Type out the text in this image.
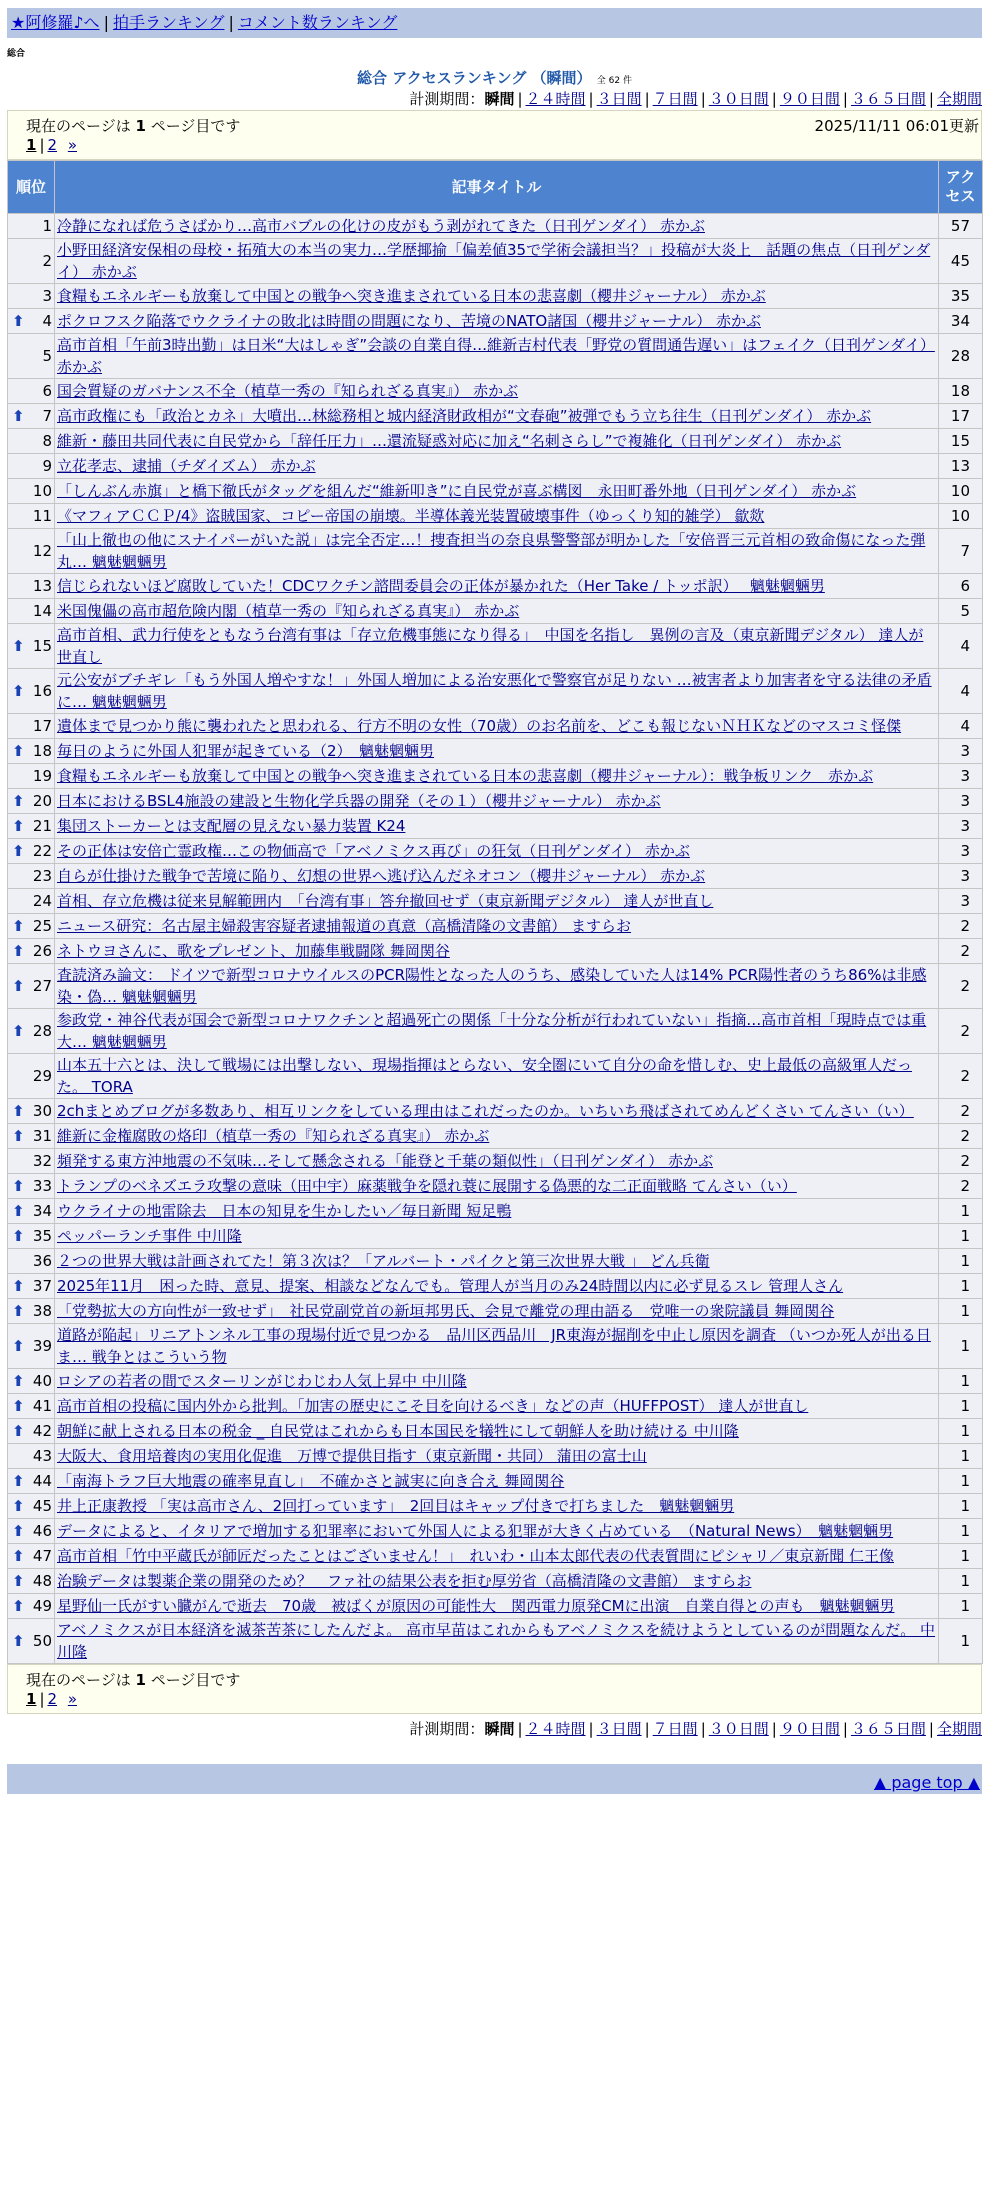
★阿修羅♪へ | 拍手ランキング | コメント数ランキング
総合
総合 アクセスランキング （瞬間） 全 62 件
計測期間：瞬間 | ２４時間 | ３日間 | ７日間 | ３０日間 | ９０日間 | ３６５日間 | 全期間
現在のページは 1 ページ目です	2025/11/11 06:01更新
1 | 2 »
順位	記事タイトル	アクセス
1	冷静になれば危うさばかり…高市バブルの化けの皮がもう剥がれてきた（日刊ゲンダイ） 赤かぶ	57
2	小野田経済安保相の母校・拓殖大の本当の実力…学歴揶揄「偏差値35で学術会議担当？」投稿が大炎上　話題の焦点（日刊ゲンダイ） 赤かぶ	45
3	食糧もエネルギーも放棄して中国との戦争へ突き進まされている日本の悲喜劇（櫻井ジャーナル） 赤かぶ	35

⬆ 4	ポクロフスク陥落でウクライナの敗北は時間の問題になり、苦境のNATO諸国（櫻井ジャーナル） 赤かぶ	34
5	高市首相「午前3時出勤」は日米“大はしゃぎ”会談の自業自得…維新吉村代表「野党の質問通告遅い」はフェイク（日刊ゲンダイ） 赤かぶ	28
6	国会質疑のガバナンス不全（植草一秀の『知られざる真実』） 赤かぶ	18

⬆ 7	高市政権にも「政治とカネ」大噴出…林総務相と城内経済財政相が“文春砲”被弾でもう立ち往生（日刊ゲンダイ） 赤かぶ	17
8	維新・藤田共同代表に自民党から「辞任圧力」…還流疑惑対応に加え“名刺さらし”で複雑化（日刊ゲンダイ） 赤かぶ	15
9	立花孝志、逮捕（チダイズム） 赤かぶ	13
10	「しんぶん赤旗」と橋下徹氏がタッグを組んだ“維新叩き”に自民党が喜ぶ構図　永田町番外地（日刊ゲンダイ） 赤かぶ	10
11	《マフィアＣＣＰ/4》盗賊国家、コピー帝国の崩壊。半導体義光装置破壊事件（ゆっくり知的雑学） 歙欻	10
12	「山上徹也の他にスナイパーがいた説」は完全否定…！捜査担当の奈良県警警部が明かした「安倍晋三元首相の致命傷になった弾丸… 魑魅魍魎男	7
13	信じられないほど腐敗していた！CDCワクチン諮問委員会の正体が暴かれた（Her Take / トッポ訳）　 魑魅魍魎男	6
14	米国傀儡の高市超危険内閣（植草一秀の『知られざる真実』） 赤かぶ	5

⬆ 15	高市首相、武力行使をともなう台湾有事は「存立危機事態になり得る」　中国を名指し　異例の言及（東京新聞デジタル） 達人が世直し	4

⬆ 16	元公安がブチギレ「もう外国人増やすな！」外国人増加による治安悪化で警察官が足りない …被害者より加害者を守る法律の矛盾に… 魑魅魍魎男	4
17	遺体まで見つかり熊に襲われたと思われる、行方不明の女性（70歳）のお名前を、どこも報じないＮＨＫなどのマスコミ怪傑	4

⬆ 18	毎日のように外国人犯罪が起きている（2）　魑魅魍魎男	3
19	食糧もエネルギーも放棄して中国との戦争へ突き進まされている日本の悲喜劇（櫻井ジャーナル）：戦争板リンク　赤かぶ	3

⬆ 20	日本におけるBSL4施設の建設と生物化学兵器の開発（その１）（櫻井ジャーナル） 赤かぶ	3

⬆ 21	集団ストーカーとは支配層の見えない暴力装置 K24	3

⬆ 22	その正体は安倍亡霊政権…この物価高で「アベノミクス再び」の狂気（日刊ゲンダイ） 赤かぶ	3
23	自らが仕掛けた戦争で苦境に陥り、幻想の世界へ逃げ込んだネオコン（櫻井ジャーナル） 赤かぶ	3
24	首相、存立危機は従来見解範囲内　「台湾有事」答弁撤回せず（東京新聞デジタル） 達人が世直し	3

⬆ 25	ニュース研究：名古屋主婦殺害容疑者逮捕報道の真意（高橋清隆の文書館） ますらお	2

⬆ 26	ネトウヨさんに、歌をプレゼント、加藤隼戦闘隊 舞岡関谷	2

⬆ 27	査読済み論文： ドイツで新型コロナウイルスのPCR陽性となった人のうち、感染していた人は14% PCR陽性者のうち86%は非感染・偽… 魑魅魍魎男	2

⬆ 28	参政党・神谷代表が国会で新型コロナワクチンと超過死亡の関係「十分な分析が行われていない」指摘…高市首相「現時点では重大… 魑魅魍魎男	2
29	山本五十六とは、決して戦場には出撃しない、現場指揮はとらない、安全圏にいて自分の命を惜しむ、史上最低の高級軍人だった。 TORA	2

⬆ 30	2chまとめブログが多数あり、相互リンクをしている理由はこれだったのか。いちいち飛ばされてめんどくさい てんさい（い）	2

⬆ 31	維新に金権腐敗の烙印（植草一秀の『知られざる真実』） 赤かぶ	2
32	頻発する東方沖地震の不気味…そして懸念される「能登と千葉の類似性」（日刊ゲンダイ） 赤かぶ	2

⬆ 33	トランプのベネズエラ攻撃の意味（田中宇）麻薬戦争を隠れ蓑に展開する偽悪的な二正面戦略 てんさい（い）	2

⬆ 34	ウクライナの地雷除去　日本の知見を生かしたい／毎日新聞 短足鴨	1

⬆ 35	ペッパーランチ事件 中川隆	1
36	２つの世界大戦は計画されてた！第３次は？「アルバート・パイクと第三次世界大戦 」 どん兵衛	1

⬆ 37	2025年11月　困った時、意見、提案、相談などなんでも。管理人が当月のみ24時間以内に必ず見るスレ 管理人さん	1

⬆ 38	「党勢拡大の方向性が一致せず」　社民党副党首の新垣邦男氏、会見で離党の理由語る　党唯一の衆院議員 舞岡関谷	1

⬆ 39	道路が陥起」リニアトンネル工事の現場付近で見つかる　品川区西品川　JR東海が掘削を中止し原因を調査 （いつか死人が出る日ま… 戦争とはこういう物	1

⬆ 40	ロシアの若者の間でスターリンがじわじわ人気上昇中 中川隆	1

⬆ 41	高市首相の投稿に国内外から批判。「加害の歴史にこそ目を向けるべき」などの声（HUFFPOST） 達人が世直し	1

⬆ 42	朝鮮に献上される日本の税金 _ 自民党はこれからも日本国民を犠牲にして朝鮮人を助け続ける 中川隆	1
43	大阪大、食用培養肉の実用化促進　万博で提供目指す（東京新聞・共同） 蒲田の富士山	1

⬆ 44	「南海トラフ巨大地震の確率見直し」　不確かさと誠実に向き合え 舞岡関谷	1

⬆ 45	井上正康教授 「実は高市さん、2回打っています」　2回目はキャップ付きで打ちました　魑魅魍魎男	1

⬆ 46	データによると、イタリアで増加する犯罪率において外国人による犯罪が大きく占めている　（Natural News）　魑魅魍魎男	1

⬆ 47	高市首相「竹中平蔵氏が師匠だったことはございません！」　れいわ・山本太郎代表の代表質問にピシャリ／東京新聞 仁王像	1

⬆ 48	治験データは製薬企業の開発のため？　ファ社の結果公表を拒む厚労省（高橋清隆の文書館） ますらお	1

⬆ 49	星野仙一氏がすい臓がんで逝去　70歳　被ばくが原因の可能性大　関西電力原発CMに出演　自業自得との声も　魑魅魍魎男	1

⬆ 50	アベノミクスが日本経済を滅茶苦茶にしたんだよ。 高市早苗はこれからもアベノミクスを続けようとしているのが問題なんだ。 中川隆	1
現在のページは 1 ページ目です
1 | 2 »
計測期間：瞬間 | ２４時間 | ３日間 | ７日間 | ３０日間 | ９０日間 | ３６５日間 | 全期間
▲ page top ▲
